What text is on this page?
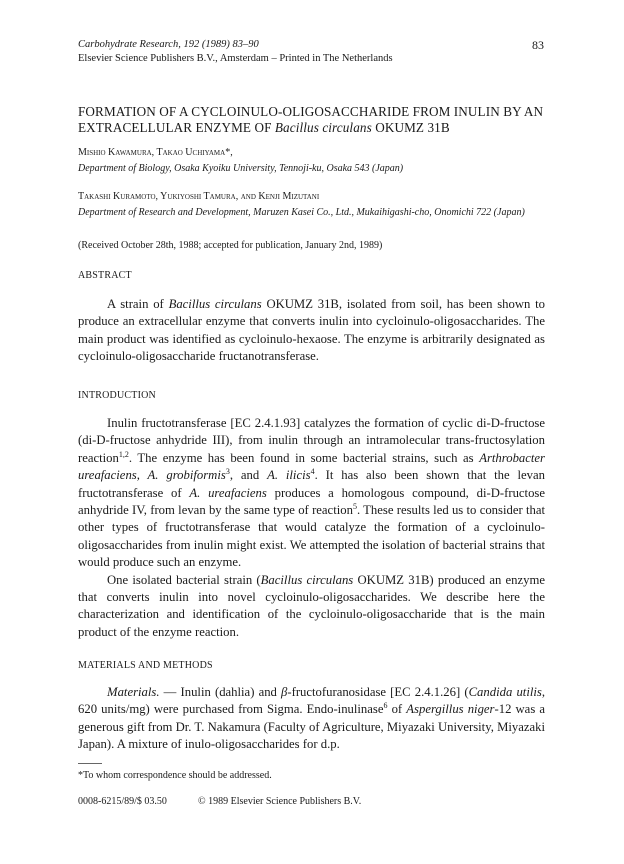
Carbohydrate Research, 192 (1989) 83–90
Elsevier Science Publishers B.V., Amsterdam – Printed in The Netherlands
83
FORMATION OF A CYCLOINULO-OLIGOSACCHARIDE FROM INULIN BY AN EXTRACELLULAR ENZYME OF Bacillus circulans OKUMZ 31B
Mishio Kawamura, Takao Uchiyama*,
Department of Biology, Osaka Kyoiku University, Tennoji-ku, Osaka 543 (Japan)
Takashi Kuramoto, Yukiyoshi Tamura, and Kenji Mizutani
Department of Research and Development, Maruzen Kasei Co., Ltd., Mukaihigashi-cho, Onomichi 722 (Japan)
(Received October 28th, 1988; accepted for publication, January 2nd, 1989)
ABSTRACT

A strain of Bacillus circulans OKUMZ 31B, isolated from soil, has been shown to produce an extracellular enzyme that converts inulin into cycloinulo-oligosaccharides. The main product was identified as cycloinulo-hexaose. The enzyme is arbitrarily designated as cycloinulo-oligosaccharide fructanotransferase.

INTRODUCTION

Inulin fructotransferase [EC 2.4.1.93] catalyzes the formation of cyclic di-D-fructose (di-D-fructose anhydride III), from inulin through an intramolecular trans-fructosylation reaction$^{1,2}$. The enzyme has been found in some bacterial strains, such as Arthrobacter ureafaciens, A. grobiformis$^3$, and A. ilicis$^4$. It has also been shown that the levan fructotransferase of A. ureafaciens produces a homologous compound, di-D-fructose anhydride IV, from levan by the same type of reaction$^5$. These results led us to consider that other types of fructotransferase that would catalyze the formation of a cycloinulo-oligosaccharides from inulin might exist. We attempted the isolation of bacterial strains that would produce such an enzyme.

One isolated bacterial strain (Bacillus circulans OKUMZ 31B) produced an enzyme that converts inulin into novel cycloinulo-oligosaccharides. We describe here the characterization and identification of the cycloinulo-oligosaccharide that is the main product of the enzyme reaction.

MATERIALS AND METHODS

Materials. — Inulin (dahlia) and β-fructofuranosidase [EC 2.4.1.26] (Candida utilis, 620 units/mg) were purchased from Sigma. Endo-inulinase$^6$ of Aspergillus niger-12 was a generous gift from Dr. T. Nakamura (Faculty of Agriculture, Miyazaki University, Miyazaki Japan). A mixture of inulo-oligosaccharides for d.p.

*To whom correspondence should be addressed.
0008-6215/89/$ 03.50	© 1989 Elsevier Science Publishers B.V.
